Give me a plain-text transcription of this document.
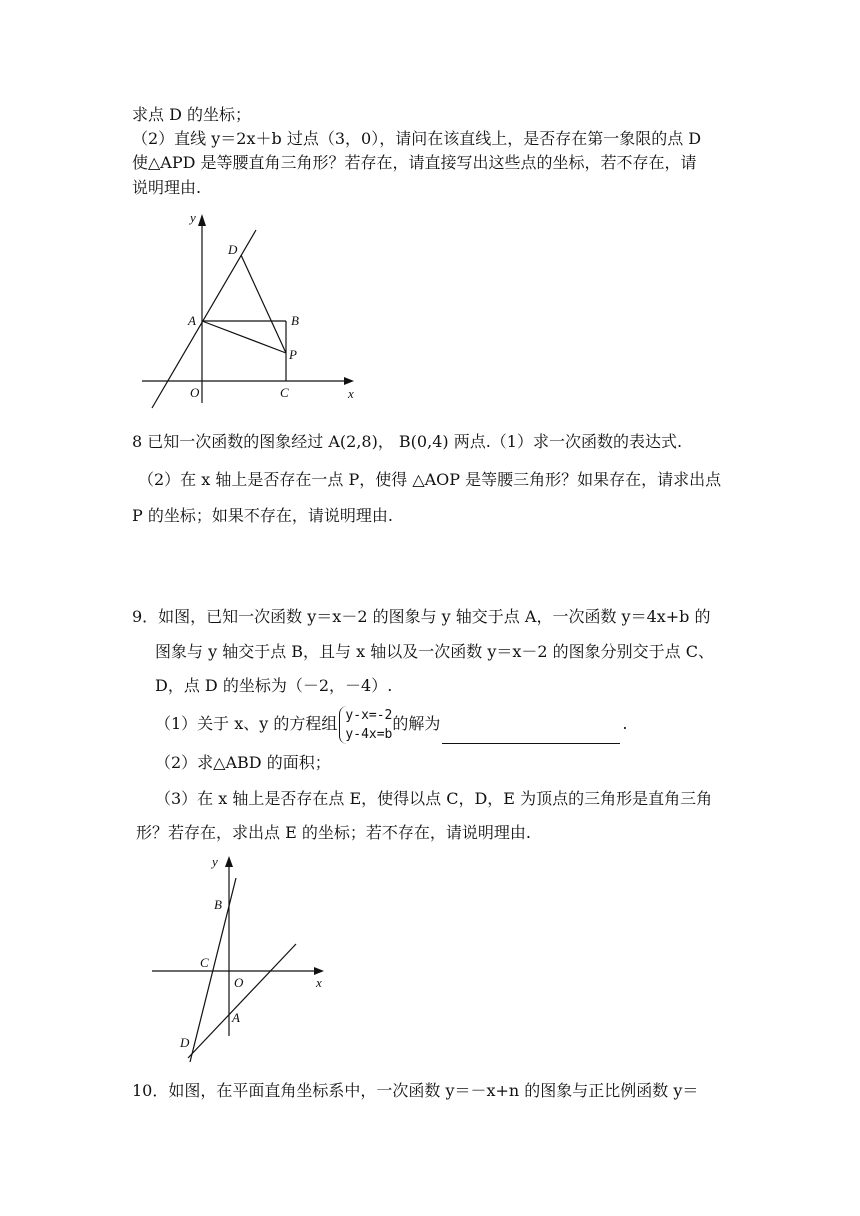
求点 D 的坐标；
（2）直线 y＝2x＋b 过点（3，0），请问在该直线上，是否存在第一象限的点 D
使△APD 是等腰直角三角形？若存在，请直接写出这些点的坐标，若不存在，请
说明理由.
y
D
A	B
P
O	C	x
8 已知一次函数的图象经过 A(2,8)， B(0,4) 两点.（1）求一次函数的表达式.
（2）在 x 轴上是否存在一点 P，使得 △AOP 是等腰三角形？如果存在，请求出点
P 的坐标；如果不存在，请说明理由.
9．如图，已知一次函数 y＝x－2 的图象与 y 轴交于点 A，一次函数 y＝4x+b 的
图象与 y 轴交于点 B，且与 x 轴以及一次函数 y＝x－2 的图象分别交于点 C、
D，点 D 的坐标为（－2，－4）.
（1）关于 x、y 的方程组 y-x=-2
y-4x=b的解为	.
（2）求△ABD 的面积；
（3）在 x 轴上是否存在点 E，使得以点 C，D，E 为顶点的三角形是直角三角
形？若存在，求出点 E 的坐标；若不存在，请说明理由.
y
B
C
O	x
A
D
10．如图，在平面直角坐标系中，一次函数 y＝－x+n 的图象与正比例函数 y＝
